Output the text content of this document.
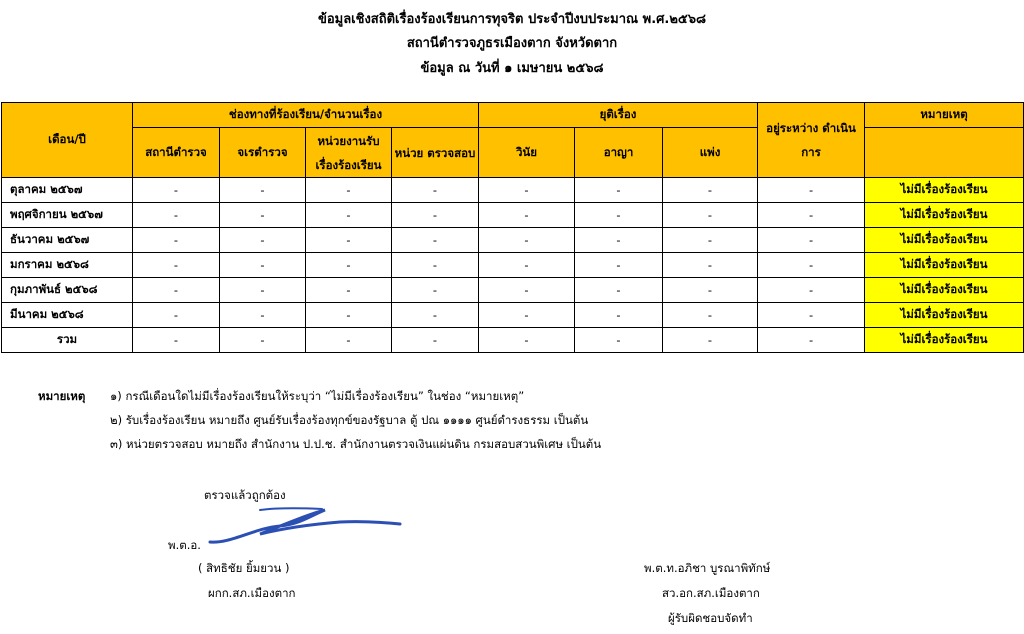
ข้อมูลเชิงสถิติเรื่องร้องเรียนการทุจริต ประจำปีงบประมาณ พ.ศ.๒๕๖๘
สถานีตำรวจภูธรเมืองตาก จังหวัดตาก
ข้อมูล ณ วันที่ ๑ เมษายน ๒๕๖๘
เดือน/ปี	ช่องทางที่ร้องเรียน/จำนวนเรื่อง				ยุติเรื่อง			อยู่ระหว่าง ดำเนินการ	หมายเหตุ
	สถานีตำรวจ	จเรตำรวจ	หน่วยงานรับ เรื่องร้องเรียน	หน่วย ตรวจสอบ	วินัย	อาญา	แพ่ง		

ตุลาคม ๒๕๖๗	-	-	-	-	-	-	-	-	ไม่มีเรื่องร้องเรียน
พฤศจิกายน ๒๕๖๗	-	-	-	-	-	-	-	-	ไม่มีเรื่องร้องเรียน
ธันวาคม ๒๕๖๗	-	-	-	-	-	-	-	-	ไม่มีเรื่องร้องเรียน
มกราคม ๒๕๖๘	-	-	-	-	-	-	-	-	ไม่มีเรื่องร้องเรียน
กุมภาพันธ์ ๒๕๖๘	-	-	-	-	-	-	-	-	ไม่มีเรื่องร้องเรียน
มีนาคม ๒๕๖๘	-	-	-	-	-	-	-	-	ไม่มีเรื่องร้องเรียน
รวม	-	-	-	-	-	-	-	-	ไม่มีเรื่องร้องเรียน
หมายเหตุ ๑) กรณีเดือนใดไม่มีเรื่องร้องเรียนให้ระบุว่า “ไม่มีเรื่องร้องเรียน” ในช่อง “หมายเหตุ”
๒) รับเรื่องร้องเรียน หมายถึง ศูนย์รับเรื่องร้องทุกข์ของรัฐบาล ตู้ ปณ ๑๑๑๑ ศูนย์ดำรงธรรม เป็นต้น
๓) หน่วยตรวจสอบ หมายถึง สำนักงาน ป.ป.ช. สำนักงานตรวจเงินแผ่นดิน กรมสอบสวนพิเศษ เป็นต้น
ตรวจแล้วถูกต้อง
พ.ต.อ.
( สิทธิชัย ยิ้มยวน )
ผกก.สภ.เมืองตาก
พ.ต.ท.อภิชา บูรณาพิทักษ์
สว.อก.สภ.เมืองตาก
ผู้รับผิดชอบจัดทำ
